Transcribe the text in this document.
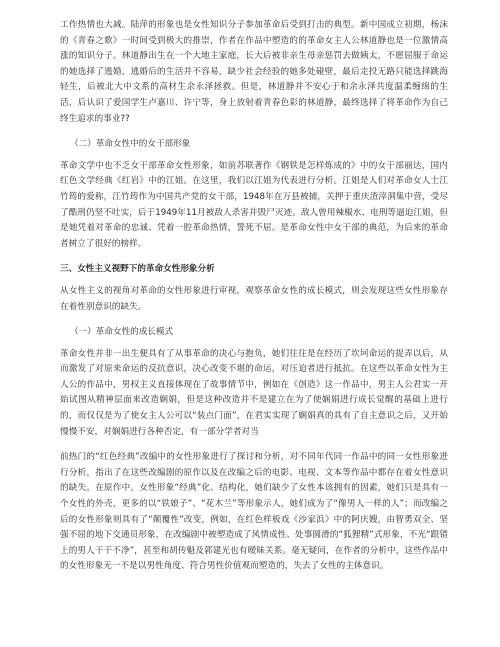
工作热情也大减。陆萍的形象也是女性知识分子参加革命后受到打击的典型。新中国成立初期，杨沫的《青春之歌》一时间受到极大的推崇，作者在作品中塑造的的革命女主人公林道静也是一位激情高涨的知识分子。林道静出生在一个大地主家庭，长大后被非亲生母亲惩罚去做姨太，不愿屈服于命运的她选择了逃婚，逃婚后的生活并不容易，缺少社会经验的她多处碰壁，最后走投无路只能选择跳海轻生，后被北大中文系的高材生余永泽拯救。但是，林道静并不安心于和余永泽共度温柔缠绵的生活，后认识了爱国学生卢嘉川、许宁等，身上放射着青春色彩的林道静，最终选择了将革命作为自己终生追求的事业??

（二）革命女性中的女干部形象

革命文学中也不乏女干部革命女性形象，如前苏联著作《钢铁是怎样炼成的》中的女干部丽达，国内红色文学经典《红岩》中的江姐。在这里，我们以江姐为代表进行分析。江姐是人们对革命女人士江竹筠的爱称，江竹筠作为中国共产党的女干部，1948年在万县被捕，关押于重庆渣滓洞集中营，受尽了酷刑仍坚不吐实，后于1949年11月被敌人杀害并毁尸灭迹。敌人曾用辣椒水、电刑等逼迫江姐，但是她凭着对革命的忠诚、凭着一腔革命热情，誓死不屈。是革命女性中女干部的典范，为后来的革命者树立了很好的榜样。

三、女性主义视野下的革命女性形象分析

从女性主义的视角对革命的女性形象进行审视，观察革命女性的成长模式，则会发现这些女性形象存在着性别意识的缺失。

（一）革命女性的成长模式

革命女性并非一出生便具有了从事革命的决心与抱负，她们往往是在经历了坎坷命运的捉弄以后，从而激发了对原来命运的反抗意识，决心改变不堪的命运，对压迫者进行抵抗。在这些以革命女性为主人公的作品中，男权主义直接体现在了故事情节中，例如在《创造》这一作品中，男主人公君实一开始试图从精神层面来改造娴娟，但是这种改造并不是建立在为了使娴娟进行成长觉醒的基础上进行的，而仅仅是为了使女主人公可以“装点门面”，在君实实现了娴娟真的具有了自主意识之后，又开始慢慢不安，对娴娟进行各种否定，有一部分学者对当

前热门的“红色经典”改编中的女性形象进行了探讨和分析，对不同年代同一作品中的同一女性形象进行分析，指出了在这些改编剧的原作以及在改编之后的电影、电视、文本等作品中都存在着女性意识的缺失。在原作中，女性形象“经典”化、结构化，她们缺少了女性本该拥有的因素，她们只是具有一个女性的外壳，更多的以“铁娘子”、“花木兰”等形象示人，她们成为了“像男人一样的人”；而改编之后的女性形象则具有了“颠覆性”改变，例如，在红色样板戏《沙家浜》中的阿庆嫂，由智勇双全、坚强不屈的地下交通员形象，在改编剧中被塑造成了风情成性、处事圆滑的“狐狸精”式形象，不光“跟错上的男人干干不净”，甚至和胡传魁及郭建光也有暧昧关系。毫无疑问，在作者的分析中，这些作品中的女性形象无一不是以男性角度、符合男性价值观而塑造的，失去了女性的主体意识。
